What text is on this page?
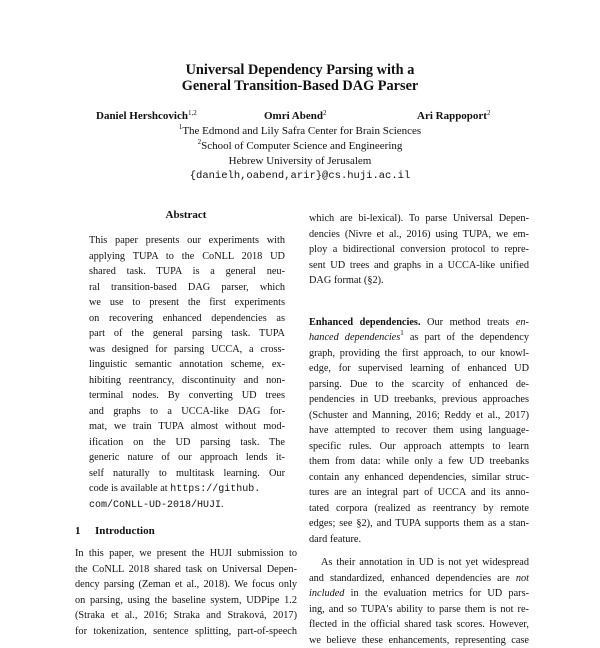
Universal Dependency Parsing with a
General Transition-Based DAG Parser
Daniel Hershcovich$^{1,2}$	Omri Abend$^2$	Ari Rappoport$^2$
$^1$The Edmond and Lily Safra Center for Brain Sciences
$^2$School of Computer Science and Engineering
Hebrew University of Jerusalem
{danielh,oabend,arir}@cs.huji.ac.il
Abstract
This paper presents our experiments with
applying TUPA to the CoNLL 2018 UD
shared task. TUPA is a general neu-
ral transition-based DAG parser, which
we use to present the first experiments
on recovering enhanced dependencies as
part of the general parsing task. TUPA
was designed for parsing UCCA, a cross-
linguistic semantic annotation scheme, ex-
hibiting reentrancy, discontinuity and non-
terminal nodes. By converting UD trees
and graphs to a UCCA-like DAG for-
mat, we train TUPA almost without mod-
ification on the UD parsing task. The
generic nature of our approach lends it-
self naturally to multitask learning. Our
code is available at https://github.
com/CoNLL-UD-2018/HUJI.
1 Introduction
In this paper, we present the HUJI submission to
the CoNLL 2018 shared task on Universal Depen-
dency parsing (Zeman et al., 2018). We focus only
on parsing, using the baseline system, UDPipe 1.2
(Straka et al., 2016; Straka and Straková, 2017)
for tokenization, sentence splitting, part-of-speech
which are bi-lexical). To parse Universal Depen-
dencies (Nivre et al., 2016) using TUPA, we em-
ploy a bidirectional conversion protocol to repre-
sent UD trees and graphs in a UCCA-like unified
DAG format (§2).
Enhanced dependencies. Our method treats en-
hanced dependencies$^1$ as part of the dependency
graph, providing the first approach, to our knowl-
edge, for supervised learning of enhanced UD
parsing. Due to the scarcity of enhanced de-
pendencies in UD treebanks, previous approaches
(Schuster and Manning, 2016; Reddy et al., 2017)
have attempted to recover them using language-
specific rules. Our approach attempts to learn
them from data: while only a few UD treebanks
contain any enhanced dependencies, similar struc-
tures are an integral part of UCCA and its anno-
tated corpora (realized as reentrancy by remote
edges; see §2), and TUPA supports them as a stan-
dard feature.
As their annotation in UD is not yet widespread
and standardized, enhanced dependencies are not
included in the evaluation metrics for UD pars-
ing, and so TUPA's ability to parse them is not re-
flected in the official shared task scores. However,
we believe these enhancements, representing case
